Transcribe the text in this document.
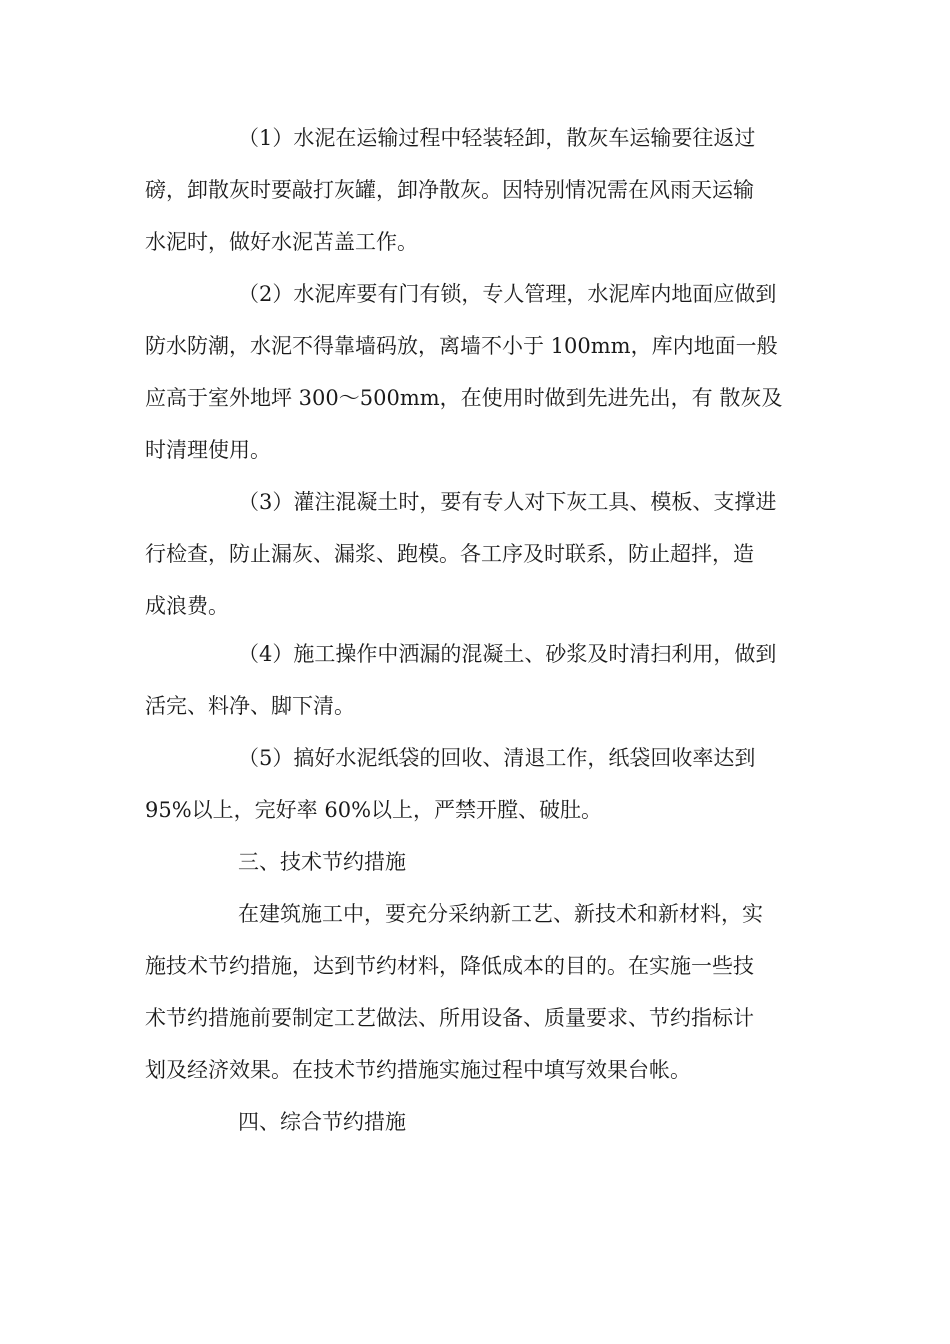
（1）水泥在运输过程中轻装轻卸，散灰车运输要往返过
磅，卸散灰时要敲打灰罐，卸净散灰。因特别情况需在风雨天运输
水泥时，做好水泥苫盖工作。
（2）水泥库要有门有锁，专人管理，水泥库内地面应做到
防水防潮，水泥不得靠墙码放，离墙不小于 100mm，库内地面一般
应高于室外地坪 300～500mm，在使用时做到先进先出，有 散灰及
时清理使用。
（3）灌注混凝土时，要有专人对下灰工具、模板、支撑进
行检查，防止漏灰、漏浆、跑模。各工序及时联系，防止超拌，造
成浪费。
（4）施工操作中洒漏的混凝土、砂浆及时清扫利用，做到
活完、料净、脚下清。
（5）搞好水泥纸袋的回收、清退工作，纸袋回收率达到
95%以上，完好率 60%以上，严禁开膛、破肚。
三、技术节约措施
在建筑施工中，要充分采纳新工艺、新技术和新材料，实
施技术节约措施，达到节约材料，降低成本的目的。在实施一些技
术节约措施前要制定工艺做法、所用设备、质量要求、节约指标计
划及经济效果。在技术节约措施实施过程中填写效果台帐。
四、综合节约措施
